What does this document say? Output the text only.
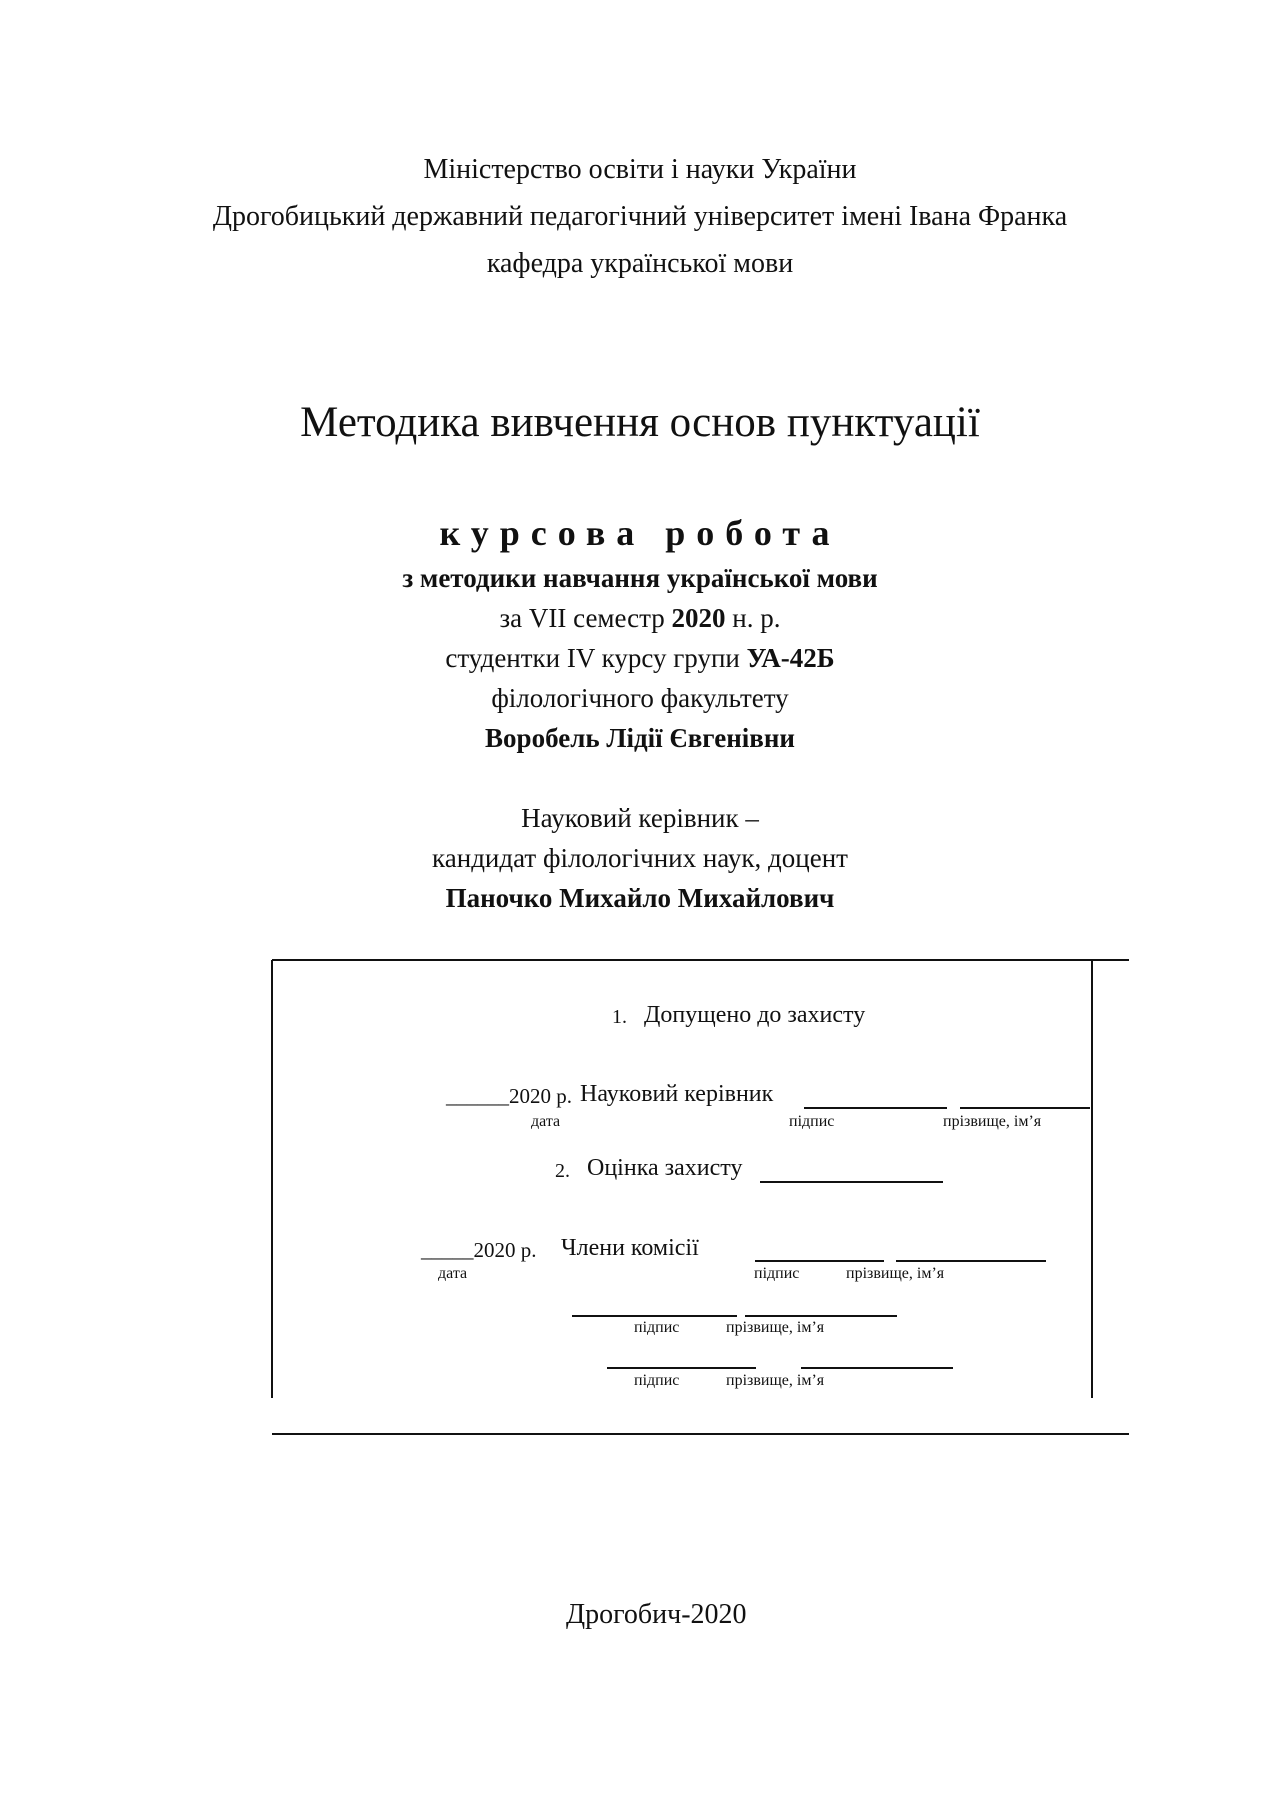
Міністерство освіти і науки України
Дрогобицький державний педагогічний університет імені Івана Франка
кафедра української мови
Методика вивчення основ пунктуації
курсова робота
з методики навчання української мови
за VII семестр 2020 н. р.
студентки IV курсу групи УА-42Б
філологічного факультету
Воробель Лідії Євгенівни
Науковий керівник –
кандидат філологічних наук, доцент
Паночко Михайло Михайлович
1. Допущено до захисту
______2020 р. Науковий керівник
дата	підпис	прізвище, ім’я
2. Оцінка захисту
_____2020 р. Члени комісії
дата	підпис	прізвище, ім’я
підпис	прізвище, ім’я
підпис	прізвище, ім’я
Дрогобич-2020
